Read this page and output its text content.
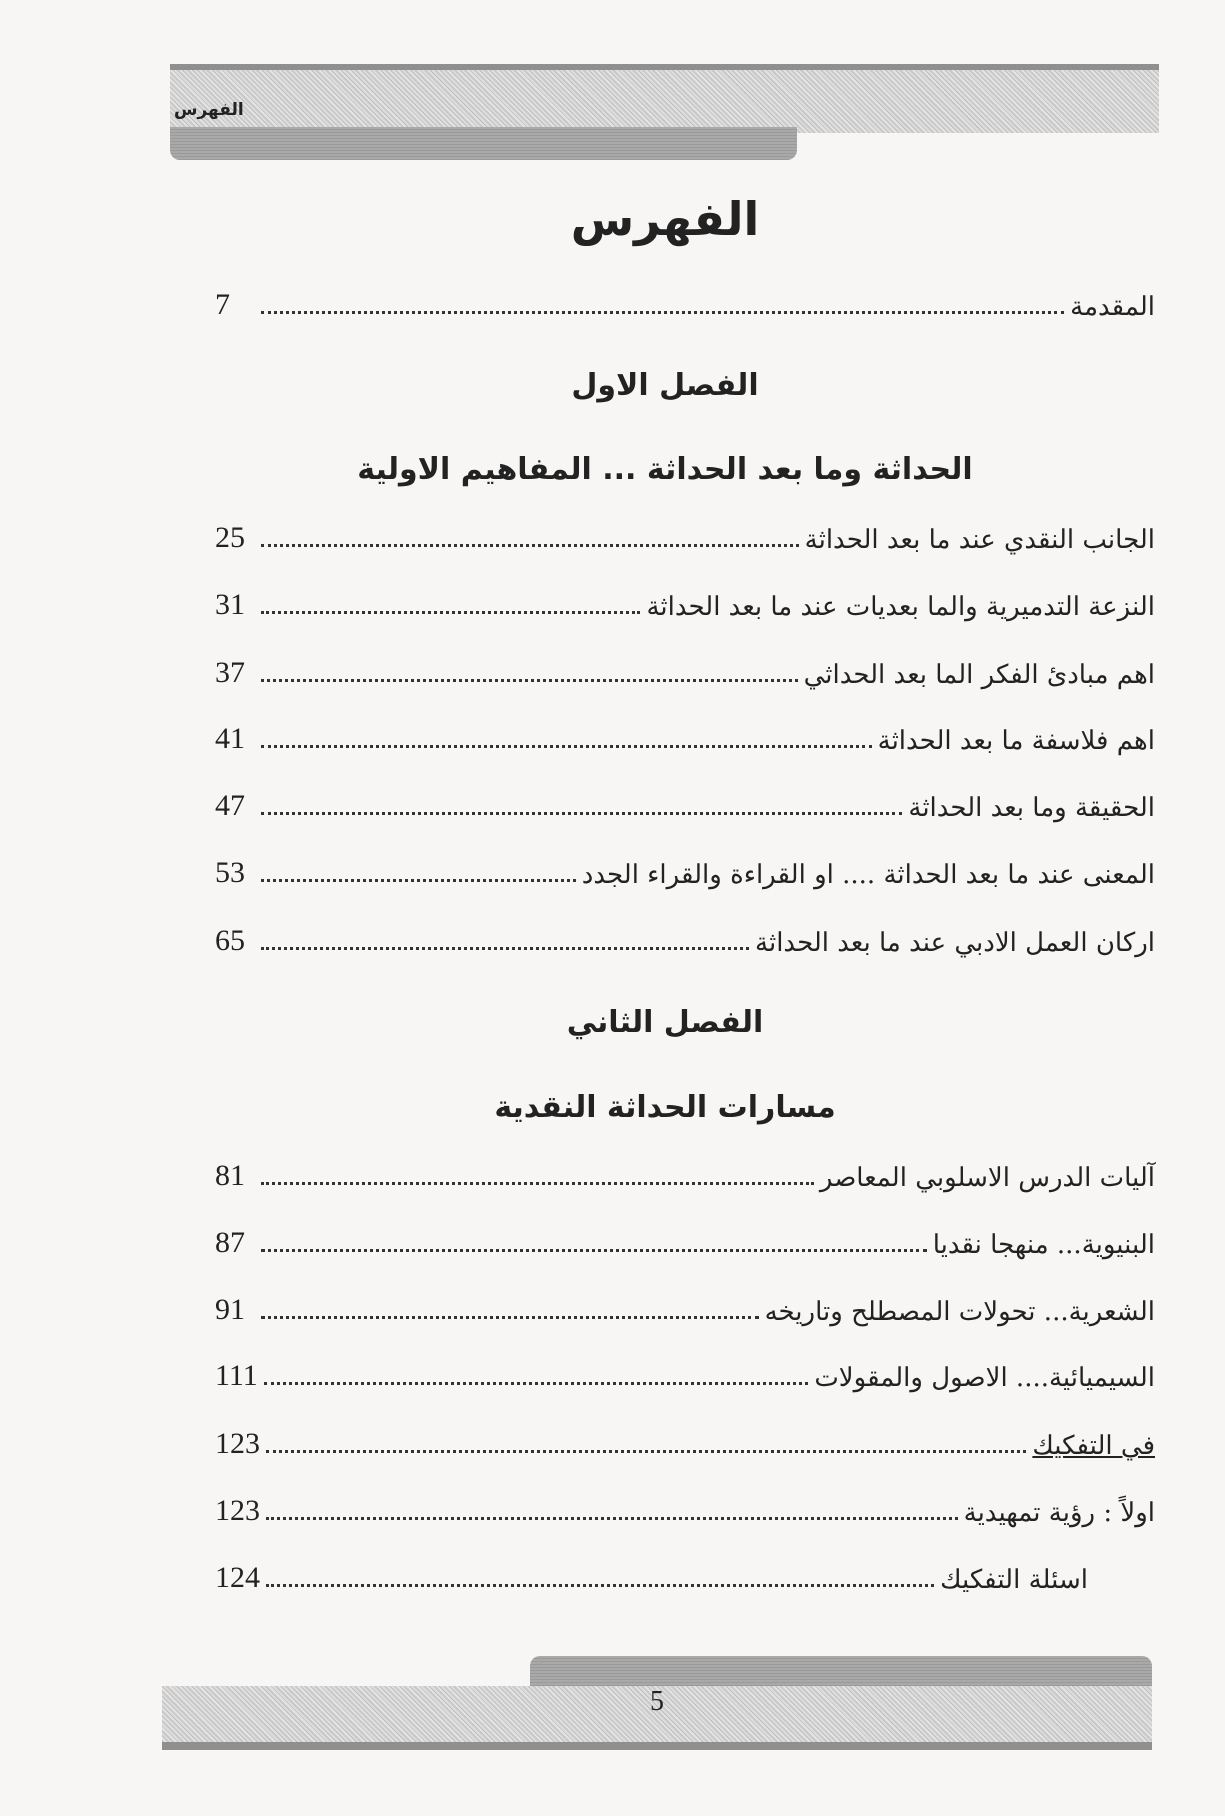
الفهرس
الفهرس
المقدمة
7
الفصل الاول
الحداثة وما بعد الحداثة ... المفاهيم الاولية
الجانب النقدي عند ما بعد الحداثة
25
النزعة التدميرية والما بعديات عند ما بعد الحداثة
31
اهم مبادئ الفكر الما بعد الحداثي
37
اهم فلاسفة ما بعد الحداثة
41
الحقيقة وما بعد الحداثة
47
المعنى عند ما بعد الحداثة .... او القراءة والقراء الجدد
53
اركان العمل الادبي عند ما بعد الحداثة
65
الفصل الثاني
مسارات الحداثة النقدية
آليات الدرس الاسلوبي المعاصر
81
البنيوية... منهجا نقديا
87
الشعرية... تحولات المصطلح وتاريخه
91
السيميائية.... الاصول والمقولات
111
في التفكيك
123
اولاً : رؤية تمهيدية
123
اسئلة التفكيك
124
5
